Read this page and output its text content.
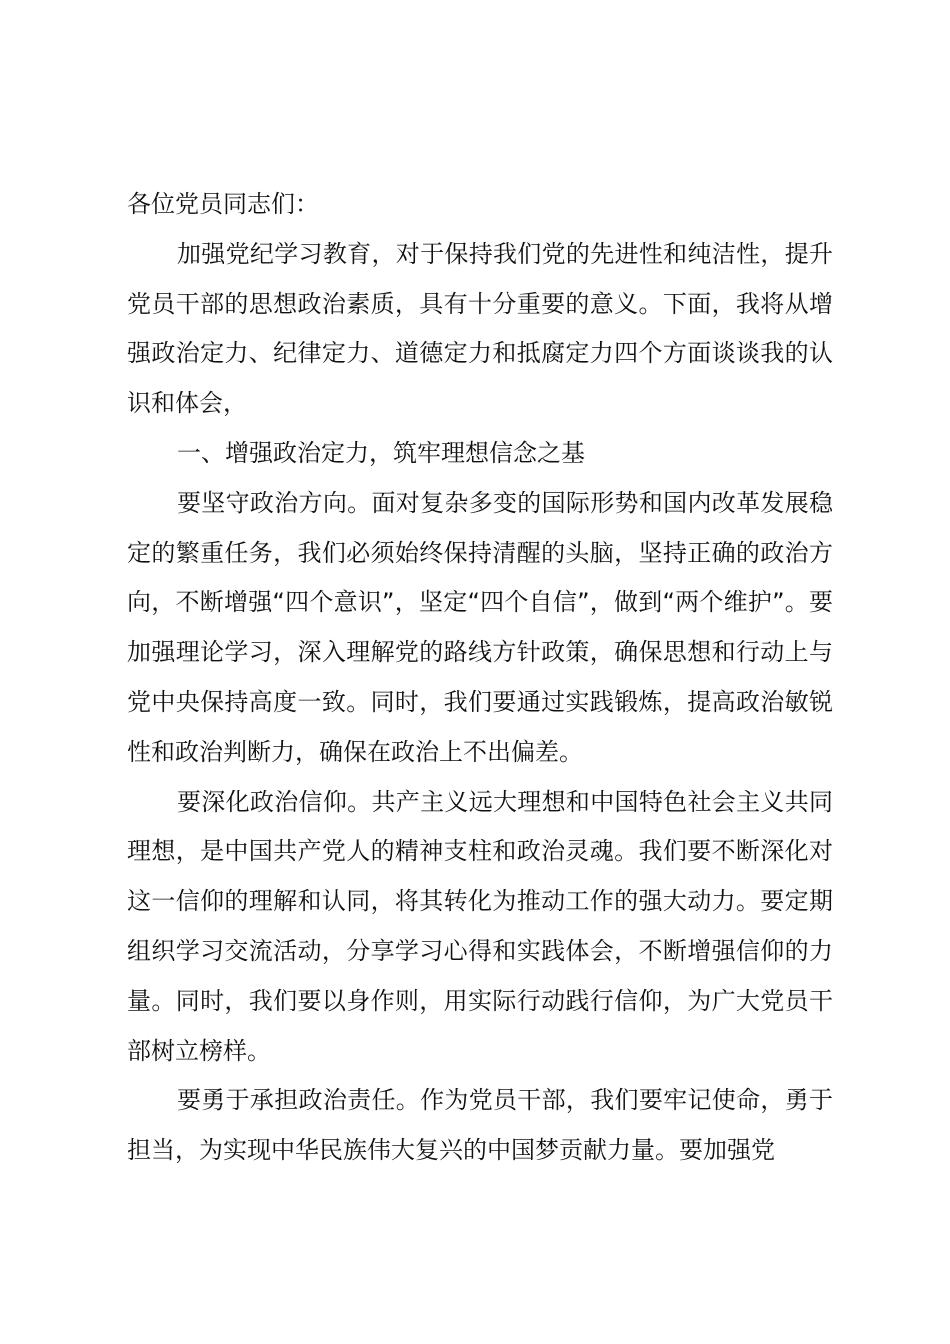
各位党员同志们：

加强党纪学习教育，对于保持我们党的先进性和纯洁性，提升党员干部的思想政治素质，具有十分重要的意义。下面，我将从增强政治定力、纪律定力、道德定力和抵腐定力四个方面谈谈我的认识和体会，

一、增强政治定力，筑牢理想信念之基

要坚守政治方向。面对复杂多变的国际形势和国内改革发展稳定的繁重任务，我们必须始终保持清醒的头脑，坚持正确的政治方向，不断增强“四个意识”，坚定“四个自信”，做到“两个维护”。要加强理论学习，深入理解党的路线方针政策，确保思想和行动上与党中央保持高度一致。同时，我们要通过实践锻炼，提高政治敏锐性和政治判断力，确保在政治上不出偏差。

要深化政治信仰。共产主义远大理想和中国特色社会主义共同理想，是中国共产党人的精神支柱和政治灵魂。我们要不断深化对这一信仰的理解和认同，将其转化为推动工作的强大动力。要定期组织学习交流活动，分享学习心得和实践体会，不断增强信仰的力量。同时，我们要以身作则，用实际行动践行信仰，为广大党员干部树立榜样。

要勇于承担政治责任。作为党员干部，我们要牢记使命，勇于担当，为实现中华民族伟大复兴的中国梦贡献力量。要加强党
